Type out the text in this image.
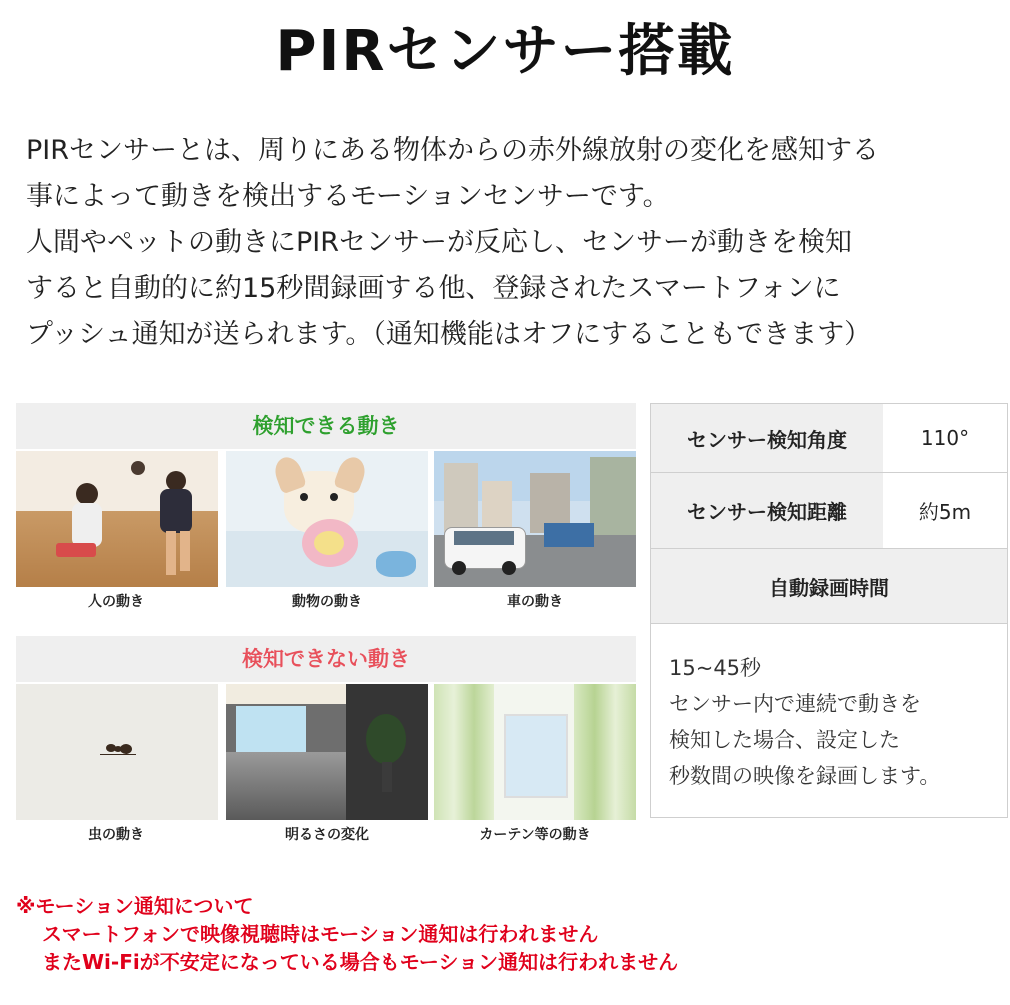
PIRセンサー搭載
PIRセンサーとは、周りにある物体からの赤外線放射の変化を感知する
事によって動きを検出するモーションセンサーです。
人間やペットの動きにPIRセンサーが反応し、センサーが動きを検知
すると自動的に約15秒間録画する他、登録されたスマートフォンに
プッシュ通知が送られます。（通知機能はオフにすることもできます）
検知できる動き
人の動き	動物の動き	車の動き
検知できない動き
虫の動き	明るさの変化	カーテン等の動き
センサー検知角度	110°
センサー検知距離	約5m
自動録画時間
15~45秒
センサー内で連続で動きを
検知した場合、設定した
秒数間の映像を録画します。
※モーション通知について
スマートフォンで映像視聴時はモーション通知は行われません
またWi-Fiが不安定になっている場合もモーション通知は行われません
